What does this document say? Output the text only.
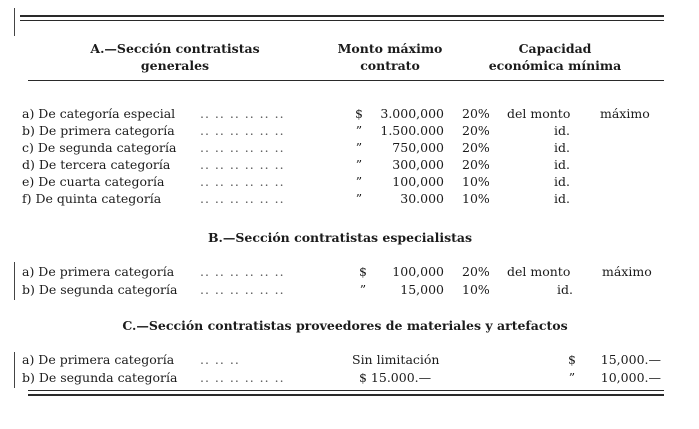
A.—Sección contratistas
generales
Monto máximo
contrato
Capacidad
económica mínima
a) De categoría especial .. .. .. .. .. ..	$	3.000,000 20% del monto máximo
b) De primera categoría .. .. .. .. .. ..	”	1.500.000 20%	id.
c) De segunda categoría .. .. .. .. .. ..	”	750,000 20%	id.
d) De tercera categoría .. .. .. .. .. ..	”	300,000 20%	id.
e) De cuarta categoría	.. .. .. .. .. ..	”	100,000 10%	id.
f) De quinta categoría	.. .. .. .. .. ..	”	30.000 10%	id.
B.—Sección contratistas especialistas
a) De primera categoría .. .. .. .. .. ..	$	100,000 20% del monto	máximo
b) De segunda categoría .. .. .. .. .. ..	”	15,000 10%	id.
C.—Sección contratistas proveedores de materiales y artefactos
a) De primera categoría .. .. ..	Sin limitación	$	15,000.—
b) De segunda categoría .. .. .. .. .. ..	$ 15.000.—	”	10,000.—
